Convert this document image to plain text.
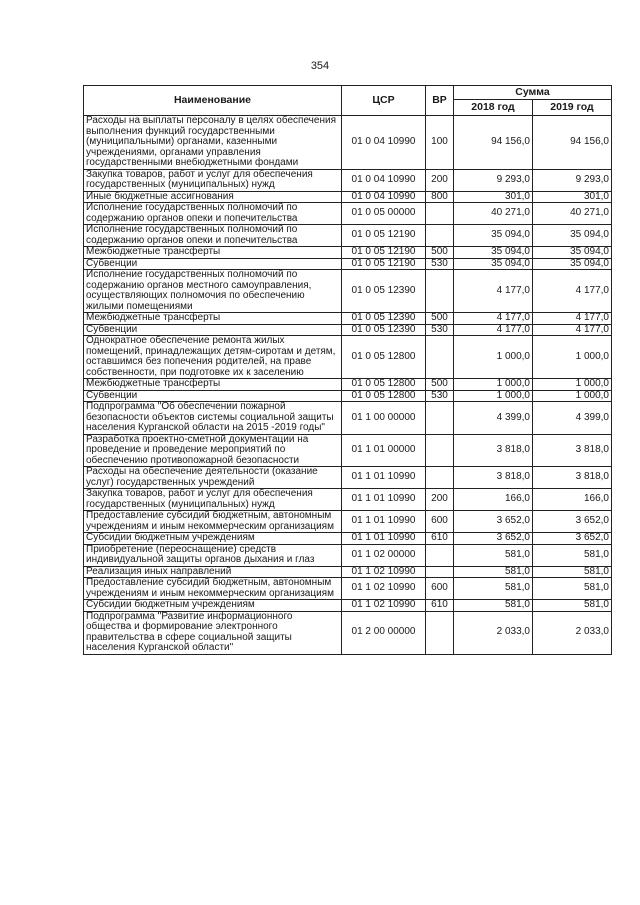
354
Наименование	ЦСР	ВР	Сумма	
			2018 год	2019 год
Расходы на выплаты персоналу в целях обеспечения выполнения функций государственными (муниципальными) органами, казенными учреждениями, органами управления государственными внебюджетными фондами	01 0 04 10990	100	94 156,0	94 156,0
Закупка товаров, работ и услуг для обеспечения государственных (муниципальных) нужд	01 0 04 10990	200	9 293,0	9 293,0
Иные бюджетные ассигнования	01 0 04 10990	800	301,0	301,0
Исполнение государственных полномочий по содержанию органов опеки и попечительства	01 0 05 00000		40 271,0	40 271,0
Исполнение государственных полномочий по содержанию органов опеки и попечительства	01 0 05 12190		35 094,0	35 094,0
Межбюджетные трансферты	01 0 05 12190	500	35 094,0	35 094,0
Субвенции	01 0 05 12190	530	35 094,0	35 094,0
Исполнение государственных полномочий по содержанию органов местного самоуправления, осуществляющих полномочия по обеспечению жилыми помещениями	01 0 05 12390		4 177,0	4 177,0
Межбюджетные трансферты	01 0 05 12390	500	4 177,0	4 177,0
Субвенции	01 0 05 12390	530	4 177,0	4 177,0
Однократное обеспечение ремонта жилых помещений, принадлежащих детям-сиротам и детям, оставшимся без попечения родителей, на праве собственности, при подготовке их к заселению	01 0 05 12800		1 000,0	1 000,0
Межбюджетные трансферты	01 0 05 12800	500	1 000,0	1 000,0
Субвенции	01 0 05 12800	530	1 000,0	1 000,0
Подпрограмма "Об обеспечении пожарной безопасности объектов системы социальной защиты населения Курганской области на 2015 -2019 годы"	01 1 00 00000		4 399,0	4 399,0
Разработка проектно-сметной документации на проведение и проведение мероприятий по обеспечению противопожарной безопасности	01 1 01 00000		3 818,0	3 818,0
Расходы на обеспечение деятельности (оказание услуг) государственных учреждений	01 1 01 10990		3 818,0	3 818,0
Закупка товаров, работ и услуг для обеспечения государственных (муниципальных) нужд	01 1 01 10990	200	166,0	166,0
Предоставление субсидий бюджетным, автономным учреждениям и иным некоммерческим организациям	01 1 01 10990	600	3 652,0	3 652,0
Субсидии бюджетным учреждениям	01 1 01 10990	610	3 652,0	3 652,0
Приобретение (переоснащение) средств индивидуальной защиты органов дыхания и глаз	01 1 02 00000		581,0	581,0
Реализация иных направлений	01 1 02 10990		581,0	581,0
Предоставление субсидий бюджетным, автономным учреждениям и иным некоммерческим организациям	01 1 02 10990	600	581,0	581,0
Субсидии бюджетным учреждениям	01 1 02 10990	610	581,0	581,0
Подпрограмма "Развитие информационного общества и формирование электронного правительства в сфере социальной защиты населения Курганской области"	01 2 00 00000		2 033,0	2 033,0
